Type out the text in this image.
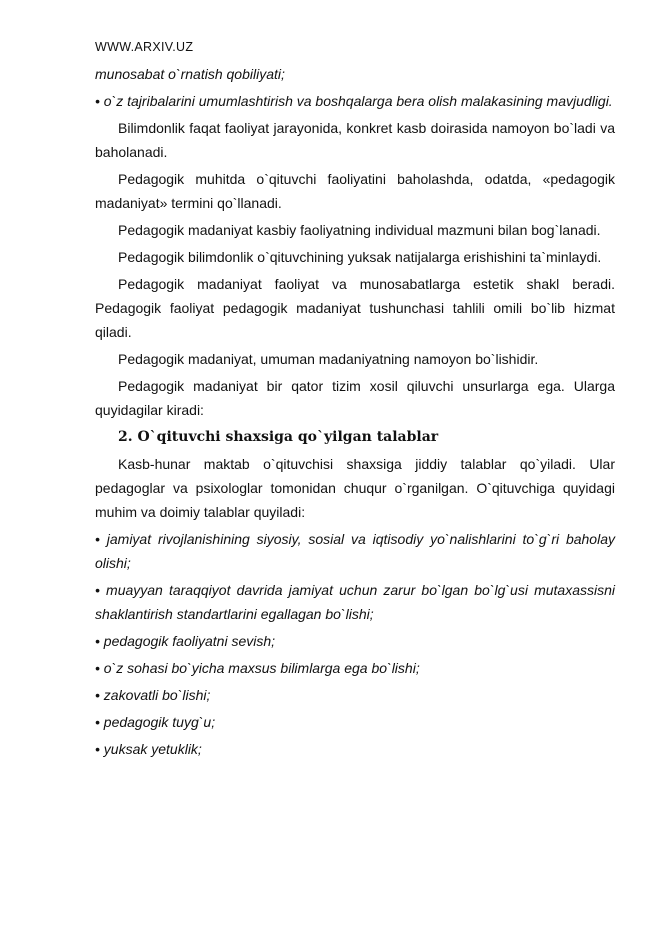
WWW.ARXIV.UZ

munosabat o`rnatish qobiliyati;

• o`z tajribalarini umumlashtirish va boshqalarga bera olish malakasining mavjudligi.

Bilimdonlik faqat faoliyat jarayonida, konkret kasb doirasida namoyon bo`ladi va baholanadi.

Pedagogik muhitda o`qituvchi faoliyatini baholashda, odatda, «pedagogik madaniyat» termini qo`llanadi.

Pedagogik madaniyat kasbiy faoliyatning individual mazmuni bilan bog`lanadi.

Pedagogik bilimdonlik o`qituvchining yuksak natijalarga erishishini ta`minlaydi.

Pedagogik madaniyat faoliyat va munosabatlarga estetik shakl beradi. Pedagogik faoliyat pedagogik madaniyat tushunchasi tahlili omili bo`lib hizmat qiladi.

Pedagogik madaniyat, umuman madaniyatning namoyon bo`lishidir.

Pedagogik madaniyat bir qator tizim xosil qiluvchi unsurlarga ega. Ularga quyidagilar kiradi:

2. O`qituvchi shaxsiga qo`yilgan talablar

Kasb-hunar maktab o`qituvchisi shaxsiga jiddiy talablar qo`yiladi. Ular pedagoglar va psixologlar tomonidan chuqur o`rganilgan. O`qituvchiga quyidagi muhim va doimiy talablar quyiladi:

• jamiyat rivojlanishining siyosiy, sosial va iqtisodiy yo`nalishlarini to`g`ri baholay olishi;

• muayyan taraqqiyot davrida jamiyat uchun zarur bo`lgan bo`lg`usi mutaxassisni shaklantirish standartlarini egallagan bo`lishi;

• pedagogik faoliyatni sevish;

• o`z sohasi bo`yicha maxsus bilimlarga ega bo`lishi;

• zakovatli bo`lishi;

• pedagogik tuyg`u;

• yuksak yetuklik;
